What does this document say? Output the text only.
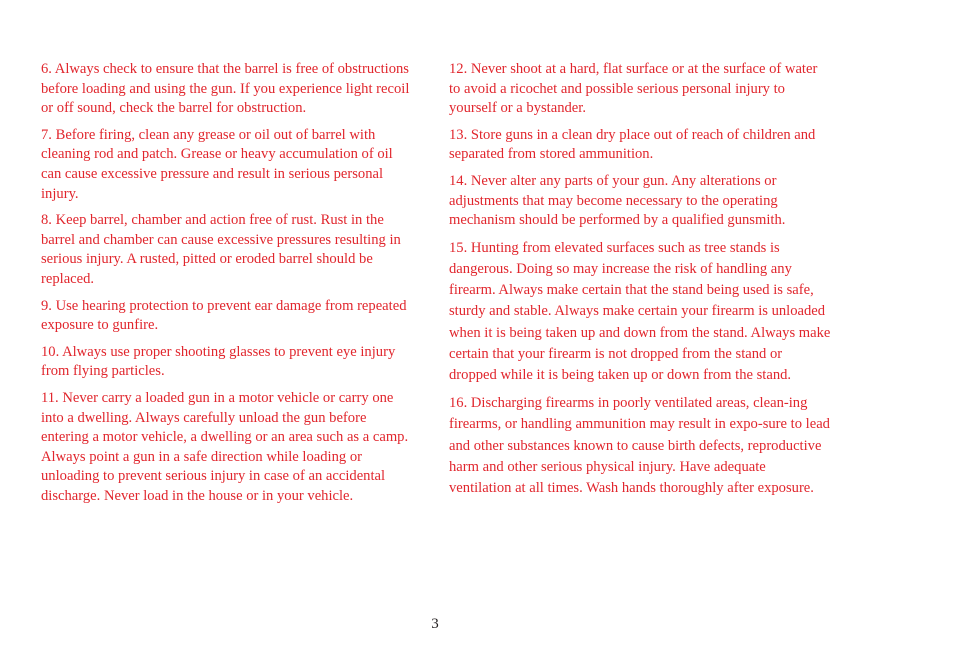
6. Always check to ensure that the barrel is free of obstructions before loading and using the gun. If you experience light recoil or off sound, check the barrel for obstruction.

7. Before firing, clean any grease or oil out of barrel with cleaning rod and patch. Grease or heavy accumulation of oil can cause excessive pressure and result in serious personal injury.

8. Keep barrel, chamber and action free of rust. Rust in the barrel and chamber can cause excessive pressures resulting in serious injury. A rusted, pitted or eroded barrel should be replaced.

9. Use hearing protection to prevent ear damage from repeated exposure to gunfire.

10. Always use proper shooting glasses to prevent eye injury from flying particles.

11. Never carry a loaded gun in a motor vehicle or carry one into a dwelling. Always carefully unload the gun before entering a motor vehicle, a dwelling or an area such as a camp. Always point a gun in a safe direction while loading or unloading to prevent serious injury in case of an accidental discharge. Never load in the house or in your vehicle.

12. Never shoot at a hard, flat surface or at the surface of water to avoid a ricochet and possible serious personal injury to yourself or a bystander.

13. Store guns in a clean dry place out of reach of children and separated from stored ammunition.

14. Never alter any parts of your gun. Any alterations or adjustments that may become necessary to the operating mechanism should be performed by a qualified gunsmith.

15. Hunting from elevated surfaces such as tree stands is dangerous. Doing so may increase the risk of handling any firearm. Always make certain that the stand being used is safe, sturdy and stable. Always make certain your firearm is unloaded when it is being taken up and down from the stand. Always make certain that your firearm is not dropped from the stand or dropped while it is being taken up or down from the stand.

16. Discharging firearms in poorly ventilated areas, clean-ing firearms, or handling ammunition may result in expo-sure to lead and other substances known to cause birth defects, reproductive harm and other serious physical injury. Have adequate ventilation at all times. Wash hands thoroughly after exposure.

3
